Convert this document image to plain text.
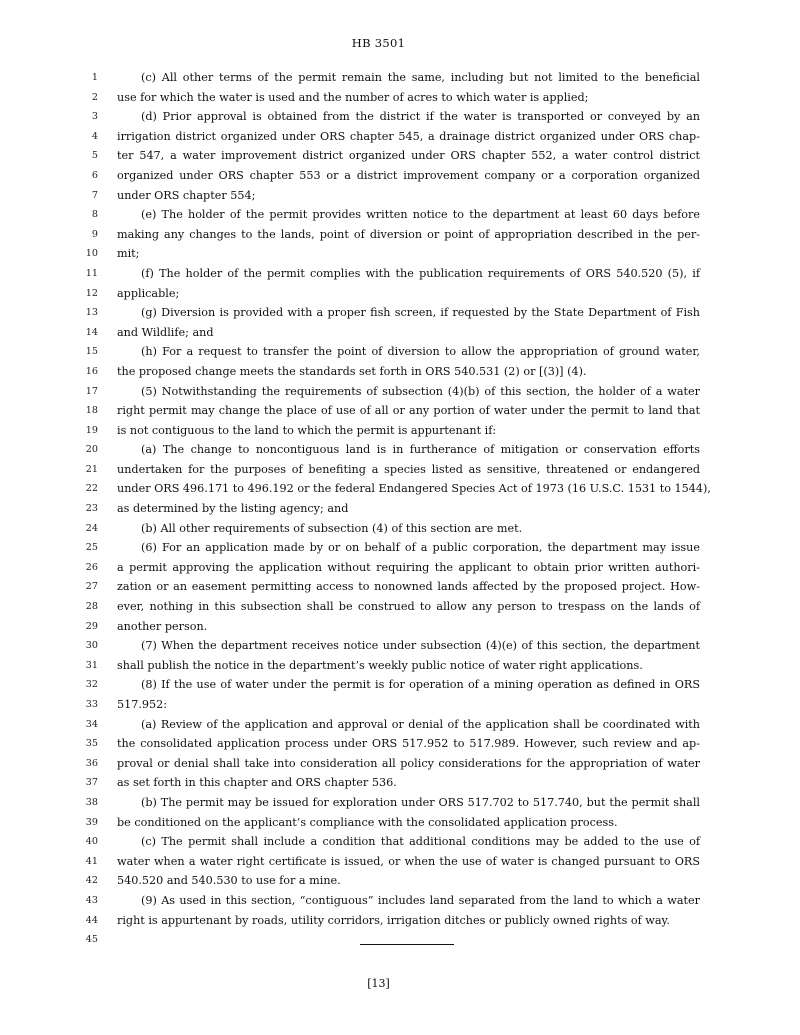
HB 3501
1	(c) All other terms of the permit remain the same, including but not limited to the beneficial
2 use for which the water is used and the number of acres to which water is applied;
3	(d) Prior approval is obtained from the district if the water is transported or conveyed by an
4 irrigation district organized under ORS chapter 545, a drainage district organized under ORS chap-
5 ter 547, a water improvement district organized under ORS chapter 552, a water control district
6 organized under ORS chapter 553 or a district improvement company or a corporation organized
7 under ORS chapter 554;
8	(e) The holder of the permit provides written notice to the department at least 60 days before
9 making any changes to the lands, point of diversion or point of appropriation described in the per-
10 mit;
11	(f) The holder of the permit complies with the publication requirements of ORS 540.520 (5), if
12 applicable;
13	(g) Diversion is provided with a proper fish screen, if requested by the State Department of Fish
14 and Wildlife; and
15	(h) For a request to transfer the point of diversion to allow the appropriation of ground water,
16 the proposed change meets the standards set forth in ORS 540.531 (2) or [(3)] (4).
17	(5) Notwithstanding the requirements of subsection (4)(b) of this section, the holder of a water
18 right permit may change the place of use of all or any portion of water under the permit to land that
19 is not contiguous to the land to which the permit is appurtenant if:
20	(a) The change to noncontiguous land is in furtherance of mitigation or conservation efforts
21 undertaken for the purposes of benefiting a species listed as sensitive, threatened or endangered
22 under ORS 496.171 to 496.192 or the federal Endangered Species Act of 1973 (16 U.S.C. 1531 to 1544),
23 as determined by the listing agency; and
24	(b) All other requirements of subsection (4) of this section are met.
25	(6) For an application made by or on behalf of a public corporation, the department may issue
26 a permit approving the application without requiring the applicant to obtain prior written authori-
27 zation or an easement permitting access to nonowned lands affected by the proposed project. How-
28 ever, nothing in this subsection shall be construed to allow any person to trespass on the lands of
29 another person.
30	(7) When the department receives notice under subsection (4)(e) of this section, the department
31 shall publish the notice in the department’s weekly public notice of water right applications.
32	(8) If the use of water under the permit is for operation of a mining operation as defined in ORS
33 517.952:
34	(a) Review of the application and approval or denial of the application shall be coordinated with
35 the consolidated application process under ORS 517.952 to 517.989. However, such review and ap-
36 proval or denial shall take into consideration all policy considerations for the appropriation of water
37 as set forth in this chapter and ORS chapter 536.
38	(b) The permit may be issued for exploration under ORS 517.702 to 517.740, but the permit shall
39 be conditioned on the applicant’s compliance with the consolidated application process.
40	(c) The permit shall include a condition that additional conditions may be added to the use of
41 water when a water right certificate is issued, or when the use of water is changed pursuant to ORS
42 540.520 and 540.530 to use for a mine.
43	(9) As used in this section, “contiguous” includes land separated from the land to which a water
44 right is appurtenant by roads, utility corridors, irrigation ditches or publicly owned rights of way.
45
[13]
